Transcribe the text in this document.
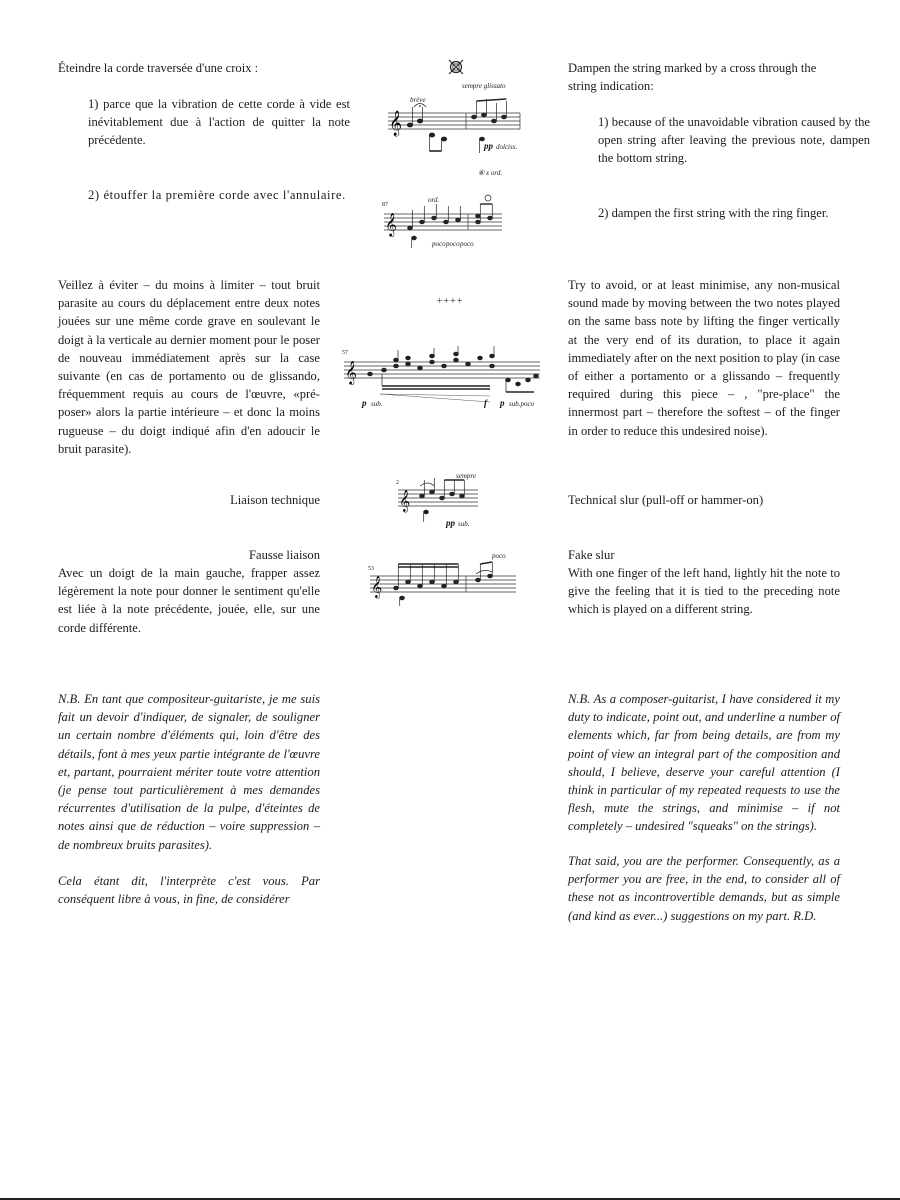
Éteindre la corde traversée d'une croix :
1) parce que la vibration de cette corde à vide est inévitablement due à l'action de quitter la note précédente.
2) étouffer la première corde avec l'annulaire.
Veillez à éviter – du moins à limiter – tout bruit parasite au cours du déplacement entre deux notes jouées sur une même corde grave en soulevant le doigt à la verticale au dernier moment pour le poser de nouveau immédiatement après sur la case suivante (en cas de portamento ou de glissando, fréquemment requis au cours de l'œuvre, «pré-poser» alors la partie intérieure – et donc la moins rugueuse – du doigt indiqué afin d'en adoucir le bruit parasite).
Liaison technique
Fausse liaison
Avec un doigt de la main gauche, frapper assez légèrement la note pour donner le sentiment qu'elle est liée à la note précédente, jouée, elle, sur une corde différente.
N.B. En tant que compositeur-guitariste, je me suis fait un devoir d'indiquer, de signaler, de souligner un certain nombre d'éléments qui, loin d'être des détails, font à mes yeux partie intégrante de l'œuvre et, partant, pourraient mériter toute votre attention (je pense tout particulièrement à mes demandes récurrentes d'utilisation de la pulpe, d'éteintes de notes ainsi que de réduction – voire suppression – de nombreux bruits parasites).
Cela étant dit, l'interprète c'est vous. Par conséquent libre à vous, in fine, de considérer
Dampen the string marked by a cross through the string indication:
1) because of the unavoidable vibration caused by the open string after leaving the previous note, dampen the bottom string.
2) dampen the first string with the ring finger.
Try to avoid, or at least minimise, any non-musical sound made by moving between the two notes played on the same bass note by lifting the finger vertically at the very end of its duration, to place it again immediately after on the next position to play (in case of either a portamento or a glissando – frequently required during this piece – , "pre-place" the innermost part – therefore the softest – of the finger in order to reduce this undesired noise).
Technical slur (pull-off or hammer-on)
Fake slur
With one finger of the left hand, lightly hit the note to give the feeling that it is tied to the preceding note which is played on a different string.
N.B. As a composer-guitarist, I have considered it my duty to indicate, point out, and underline a number of elements which, far from being details, are from my point of view an integral part of the composition and should, I believe, deserve your careful attention (I think in particular of my repeated requests to use the flesh, mute the strings, and minimise – if not completely – undesired "squeaks" on the strings).
That said, you are the performer. Consequently, as a performer you are free, in the end, to consider all of these not as incontrovertible demands, but as simple (and kind as ever...) suggestions on my part. R.D.
𝄞
brève
sempre glissato
pp dolciss.
⑥ x ord.
87
𝄞
ord.
poco poco poco
++++
57
𝄞
p sub.	f p sub.poco
2
𝄞
sempre
pp sub.
53
𝄞
poco
